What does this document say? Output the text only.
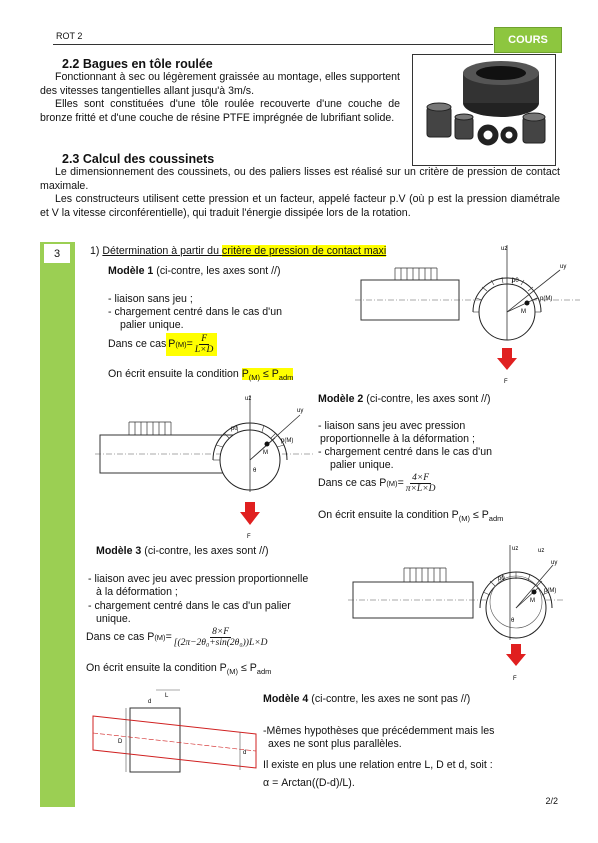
ROT 2	COURS
2.2 Bagues en tôle roulée
Fonctionnant à sec ou légèrement graissée au montage, elles supportent des vitesses tangentielles allant jusqu'à 3m/s.
Elles sont constituées d'une tôle roulée recouverte d'une couche de bronze fritté et d'une couche de résine PTFE imprégnée de lubrifiant solide.
2.3 Calcul des coussinets
Le dimensionnement des coussinets, ou des paliers lisses est réalisé sur un critère de pression de contact maximale.
Les constructeurs utilisent cette pression et un facteur, appelé facteur p.V (où p est la pression diamétrale et V la vitesse circonférentielle), qui traduit l'énergie dissipée lors de la rotation.
3	1) Détermination à partir du critère de pression de contact maxi
Modèle 1 (ci-contre, les axes sont //)
- liaison sans jeu ;
- chargement centré dans le cas d'un
palier unique.
Dans ce cas P $(M) = \frac{F}{L\times D}$
On écrit ensuite la condition $P_{(M)} \le P_{adm}$
uz
uy
p0
p(M)
M
F
uz
uy
p0
p(M)
M
θ
F
Modèle 2 (ci-contre, les axes sont //)
- liaison sans jeu avec pression
proportionnelle à la déformation ;
- chargement centré dans le cas d'un
palier unique.
Dans ce cas P $(M) = \frac{4\times F}{\pi\times L\times D}$
On écrit ensuite la condition $P_{(M)} \le P_{adm}$
Modèle 3 (ci-contre, les axes sont //)
- liaison avec jeu avec pression proportionnelle
à la déformation ;
- chargement centré dans le cas d'un palier
unique.
Dans ce cas P $(M) = \frac{8\times F}{\text{[(2π−2θ₀+sin(2θ₀))L×D}}$
On écrit ensuite la condition $P_{(M)} \le P_{adm}$
uz	uz
uy
p0
p(M)
M
θ
F
L
D
d
d
Modèle 4 (ci-contre, les axes ne sont pas //)
-Mêmes hypothèses que précédemment mais les
axes ne sont plus parallèles.
Il existe en plus une relation entre L, D et d, soit :
α = Arctan((D-d)/L).
2/2
